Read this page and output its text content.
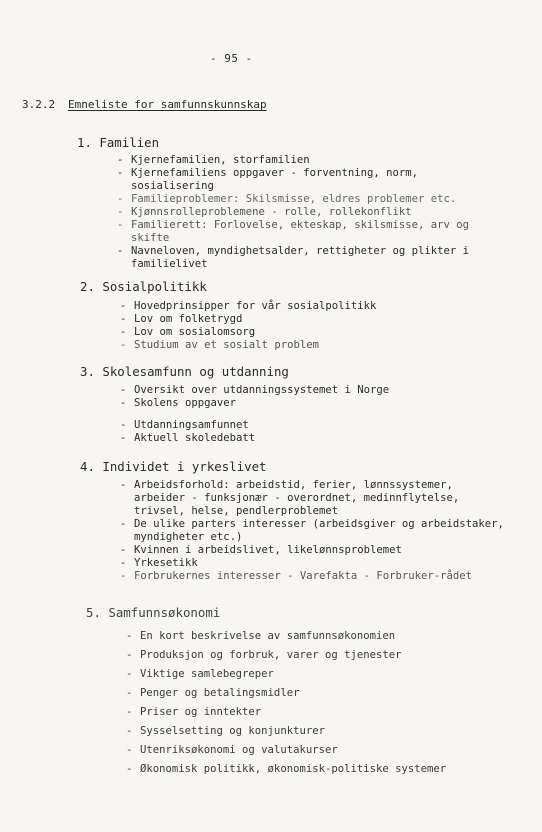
- 95 -
3.2.2 Emneliste for samfunnskunnskap
1. Familien
- Kjernefamilien, storfamilien
- Kjernefamiliens oppgaver - forventning, norm, sosialisering
- Familieproblemer: Skilsmisse, eldres problemer etc.
- Kjønnsrolleproblemene - rolle, rollekonflikt
- Familierett: Forlovelse, ekteskap, skilsmisse, arv og skifte
- Navneloven, myndighetsalder, rettigheter og plikter i familielivet
2. Sosialpolitikk
- Hovedprinsipper for vår sosialpolitikk
- Lov om folketrygd
- Lov om sosialomsorg
- Studium av et sosialt problem
3. Skolesamfunn og utdanning
- Oversikt over utdanningssystemet i Norge
- Skolens oppgaver
- Utdanningsamfunnet
- Aktuell skoledebatt
4. Individet i yrkeslivet
- Arbeidsforhold: arbeidstid, ferier, lønnssystemer, arbeider - funksjonær - overordnet, medinnflytelse, trivsel, helse, pendlerproblemet
- De ulike parters interesser (arbeidsgiver og arbeidstaker, myndigheter etc.)
- Kvinnen i arbeidslivet, likelønnsproblemet
- Yrkesetikk
- Forbrukernes interesser - Varefakta - Forbruker-rådet
5. Samfunnsøkonomi
- En kort beskrivelse av samfunnsøkonomien
- Produksjon og forbruk, varer og tjenester
- Viktige samlebegreper
- Penger og betalingsmidler
- Priser og inntekter
- Sysselsetting og konjunkturer
- Utenriksøkonomi og valutakurser
- Økonomisk politikk, økonomisk-politiske systemer
